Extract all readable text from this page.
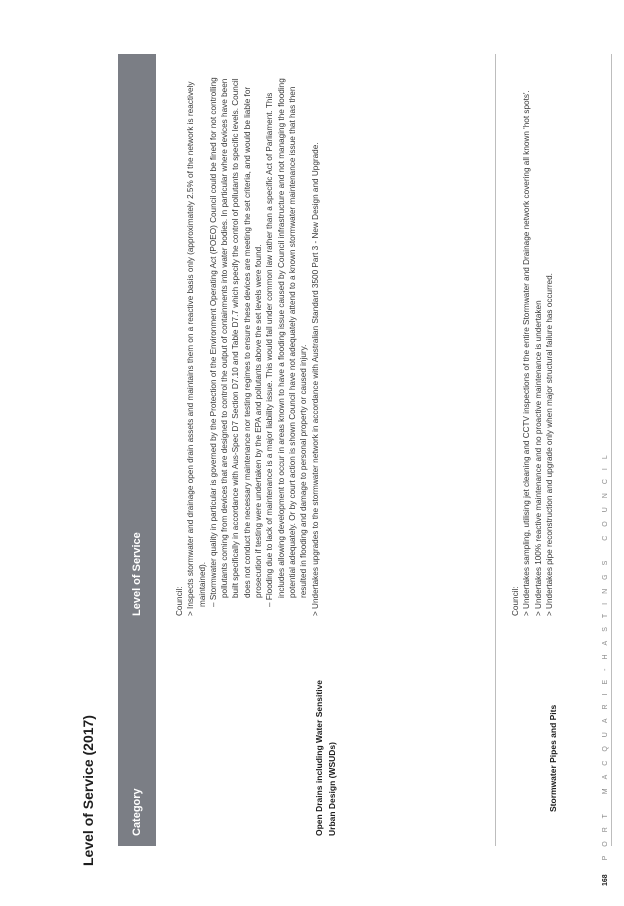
Level of Service (2017)	Category
Level of Service
Open Drains including Water Sensitive Urban Design (WSUDs)

Council: > Inspects stormwater and drainage open drain assets and maintains them on a reactive basis only (approximately 2.5% of the network is reactively maintained). – Stormwater quality in particular is governed by the Protection of the Environment Operating Act (POEO) Council could be fined for not controlling pollutants coming from devices that are designed to control the output of containments into water bodies. In particular where devices have been built specifically in accordance with Aus-Spec D7 Section D7.10 and Table D7.7 which specify the control of pollutants to specific levels. Council does not conduct the necessary maintenance nor testing regimes to ensure these devices are meeting the set criteria, and would be liable for prosecution if testing were undertaken by the EPA and pollutants above the set levels were found. – Flooding due to lack of maintenance is a major liability issue. This would fall under common law rather than a specific Act of Parliament. This includes allowing development to occur in areas known to have a flooding issue caused by Council infrastructure and not managing the flooding potential adequately. Or by court action is shown Council have not adequately attend to a known stormwater maintenance issue that has then resulted in flooding and damage to personal property or caused injury. > Undertakes upgrades to the stormwater network in accordance with Australian Standard 3500 Part 3 - New Design and Upgrade.

Stormwater Pipes and Pits

Council: > Undertakes sampling, utilising jet cleaning and CCTV inspections of the entire Stormwater and Drainage network covering all known 'hot spots'. > Undertakes 100% reactive maintenance and no proactive maintenance is undertaken > Undertakes pipe reconstruction and upgrade only when major structural failure has occurred.

168 PORT MACQUARIE-HASTINGS COUNCIL
